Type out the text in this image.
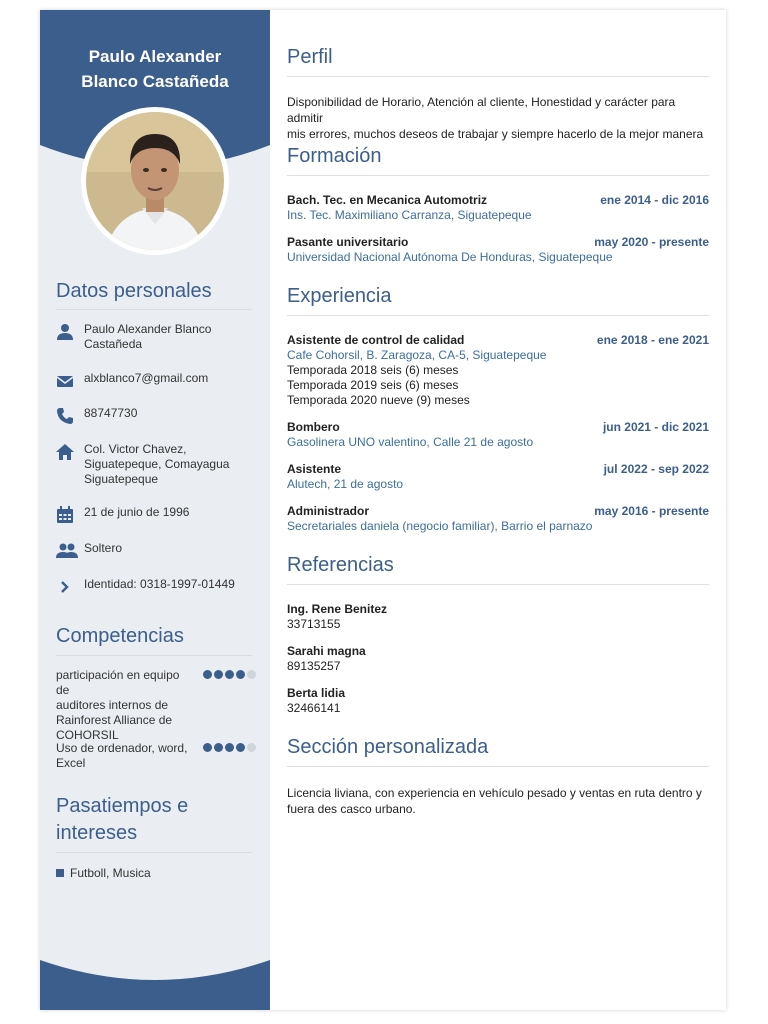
Paulo Alexander
Blanco Castañeda
Datos personales
Paulo Alexander Blanco
Castañeda
alxblanco7@gmail.com
88747730
Col. Victor Chavez,
Siguatepeque, Comayagua
Siguatepeque
21 de junio de 1996
Soltero
Identidad: 0318-1997-01449
Competencias
participación en equipo de
auditores internos de
Rainforest Alliance de
COHORSIL
Uso de ordenador, word,
Excel
Pasatiempos e
intereses
Futboll, Musica
Perfil
Disponibilidad de Horario, Atención al cliente, Honestidad y carácter para admitir
mis errores, muchos deseos de trabajar y siempre hacerlo de la mejor manera
Formación
Bach. Tec. en Mecanica Automotriz	ene 2014 - dic 2016
Ins. Tec. Maximiliano Carranza, Siguatepeque
Pasante universitario	may 2020 - presente
Universidad Nacional Autónoma De Honduras, Siguatepeque
Experiencia
Asistente de control de calidad	ene 2018 - ene 2021
Cafe Cohorsil, B. Zaragoza, CA-5, Siguatepeque
Temporada 2018 seis (6) meses
Temporada 2019 seis (6) meses
Temporada 2020 nueve (9) meses
Bombero	jun 2021 - dic 2021
Gasolinera UNO valentino, Calle 21 de agosto
Asistente	jul 2022 - sep 2022
Alutech, 21 de agosto
Administrador	may 2016 - presente
Secretariales daniela (negocio familiar), Barrio el parnazo
Referencias
Ing. Rene Benitez
33713155
Sarahi magna
89135257
Berta lidia
32466141
Sección personalizada
Licencia liviana, con experiencia en vehículo pesado y ventas en ruta dentro y
fuera des casco urbano.
